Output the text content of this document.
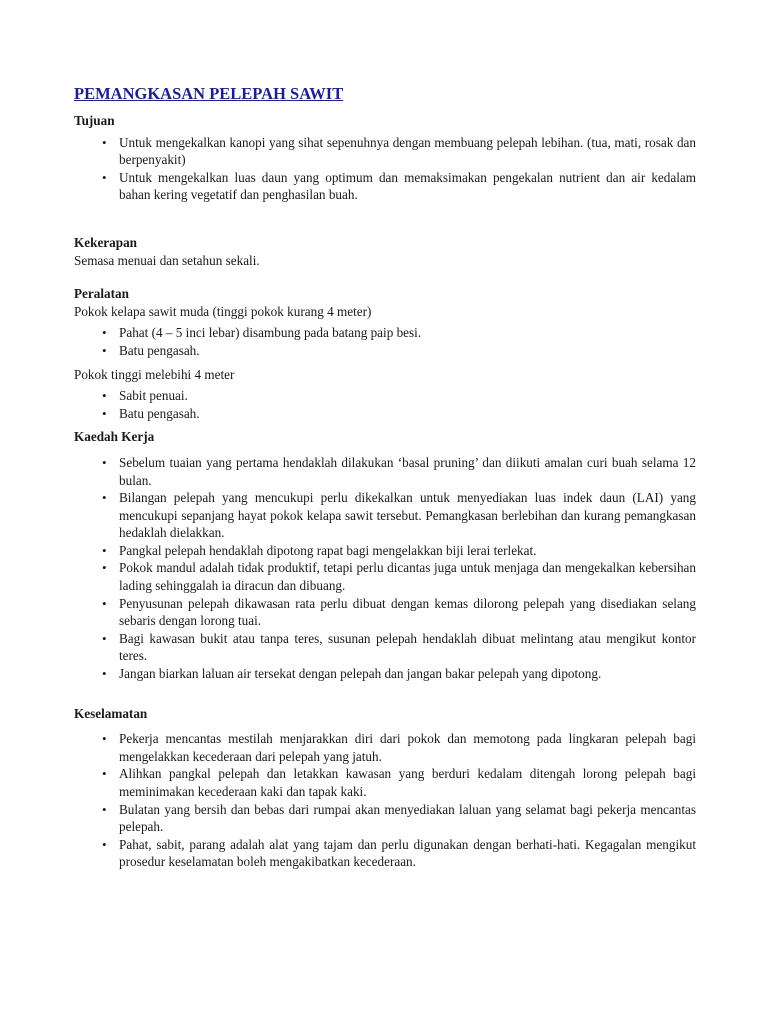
PEMANGKASAN PELEPAH SAWIT
Tujuan
• Untuk mengekalkan kanopi yang sihat sepenuhnya dengan membuang pelepah lebihan. (tua, mati, rosak dan berpenyakit)
• Untuk mengekalkan luas daun yang optimum dan memaksimakan pengekalan nutrient dan air kedalam bahan kering vegetatif dan penghasilan buah.
Kekerapan
Semasa menuai dan setahun sekali.
Peralatan
Pokok kelapa sawit muda (tinggi pokok kurang 4 meter)
• Pahat (4 – 5 inci lebar) disambung pada batang paip besi.
• Batu pengasah.
Pokok tinggi melebihi 4 meter
• Sabit penuai.
• Batu pengasah.
Kaedah Kerja
• Sebelum tuaian yang pertama hendaklah dilakukan ‘basal pruning’ dan diikuti amalan curi buah selama 12 bulan.
• Bilangan pelepah yang mencukupi perlu dikekalkan untuk menyediakan luas indek daun (LAI) yang mencukupi sepanjang hayat pokok kelapa sawit tersebut. Pemangkasan berlebihan dan kurang pemangkasan hedaklah dielakkan.
• Pangkal pelepah hendaklah dipotong rapat bagi mengelakkan biji lerai terlekat.
• Pokok mandul adalah tidak produktif, tetapi perlu dicantas juga untuk menjaga dan mengekalkan kebersihan lading sehinggalah ia diracun dan dibuang.
• Penyusunan pelepah dikawasan rata perlu dibuat dengan kemas dilorong pelepah yang disediakan selang sebaris dengan lorong tuai.
• Bagi kawasan bukit atau tanpa teres, susunan pelepah hendaklah dibuat melintang atau mengikut kontor teres.
• Jangan biarkan laluan air tersekat dengan pelepah dan jangan bakar pelepah yang dipotong.
Keselamatan
• Pekerja mencantas mestilah menjarakkan diri dari pokok dan memotong pada lingkaran pelepah bagi mengelakkan kecederaan dari pelepah yang jatuh.
• Alihkan pangkal pelepah dan letakkan kawasan yang berduri kedalam ditengah lorong pelepah bagi meminimakan kecederaan kaki dan tapak kaki.
• Bulatan yang bersih dan bebas dari rumpai akan menyediakan laluan yang selamat bagi pekerja mencantas pelepah.
• Pahat, sabit, parang adalah alat yang tajam dan perlu digunakan dengan berhati-hati. Kegagalan mengikut prosedur keselamatan boleh mengakibatkan kecederaan.
